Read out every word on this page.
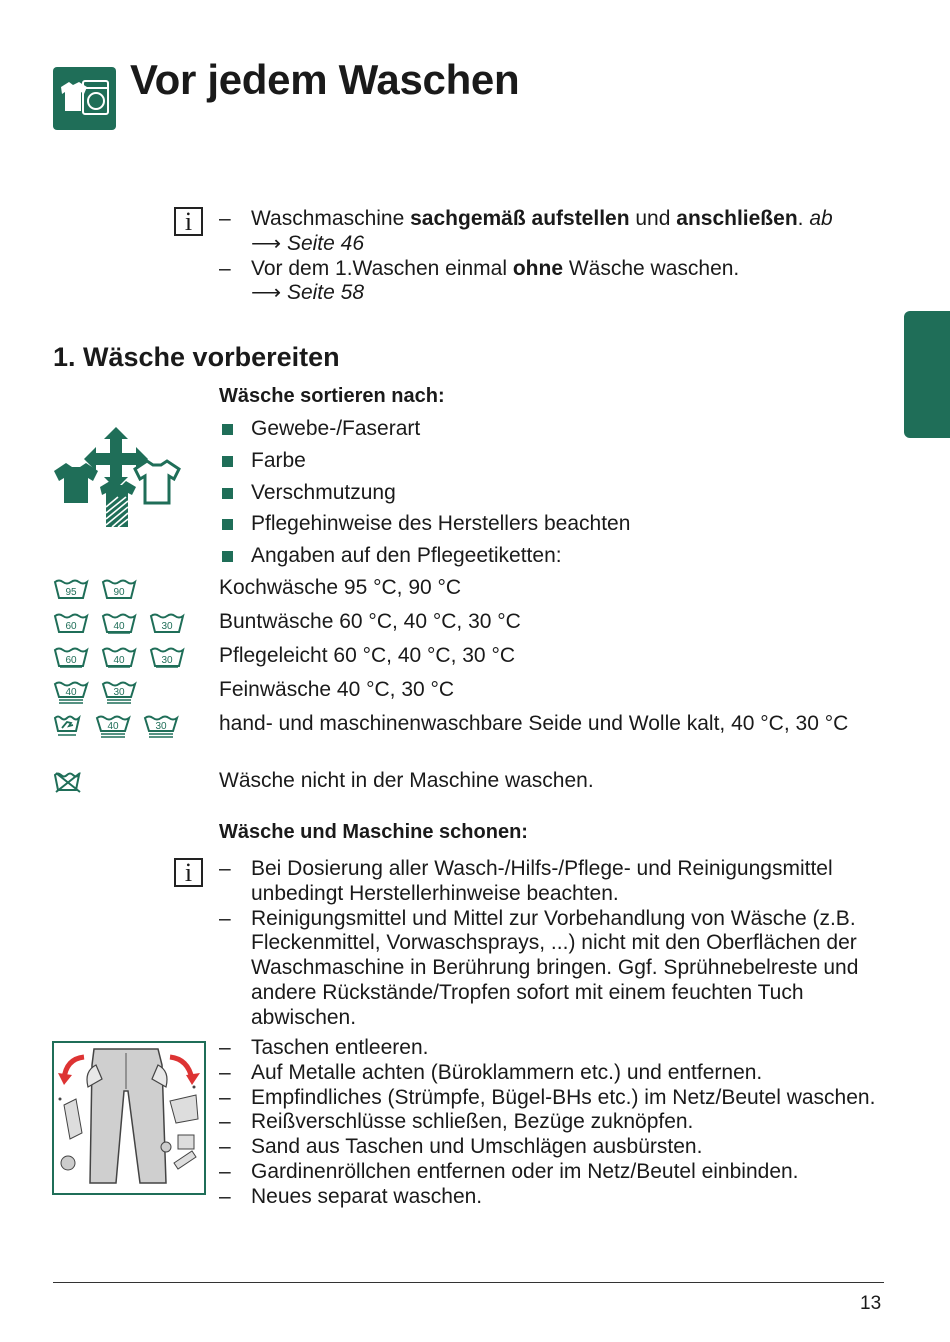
Vor jedem Waschen
i	– Waschmaschine sachgemäß aufstellen und anschließen. ab
⟶ Seite 46
– Vor dem 1.Waschen einmal ohne Wäsche waschen.
⟶ Seite 58
1. Wäsche vorbereiten
Wäsche sortieren nach:
Gewebe-/Faserart
Farbe
Verschmutzung
Pflegehinweise des Herstellers beachten
Angaben auf den Pflegeetiketten:
95	90	Kochwäsche 95 °C, 90 °C
60	40	30 Buntwäsche 60 °C, 40 °C, 30 °C
60	40	30 Pflegeleicht 60 °C, 40 °C, 30 °C
40	30	Feinwäsche 40 °C, 30 °C
40	30 hand- und maschinenwaschbare Seide und Wolle kalt, 40 °C, 30 °C
Wäsche nicht in der Maschine waschen.
Wäsche und Maschine schonen:
i	– Bei Dosierung aller Wasch-/Hilfs-/Pflege- und Reinigungsmittel unbedingt Herstellerhinweise beachten.
– Reinigungsmittel und Mittel zur Vorbehandlung von Wäsche (z.B. Fleckenmittel, Vorwaschsprays, ...) nicht mit den Oberflächen der Waschmaschine in Berührung bringen. Ggf. Sprühnebelreste und andere Rückstände/Tropfen sofort mit einem feuchten Tuch abwischen.
– Taschen entleeren.
– Auf Metalle achten (Büroklammern etc.) und entfernen.
– Empfindliches (Strümpfe, Bügel-BHs etc.) im Netz/Beutel waschen.
– Reißverschlüsse schließen, Bezüge zuknöpfen.
– Sand aus Taschen und Umschlägen ausbürsten.
– Gardinenröllchen entfernen oder im Netz/Beutel einbinden.
– Neues separat waschen.
13
